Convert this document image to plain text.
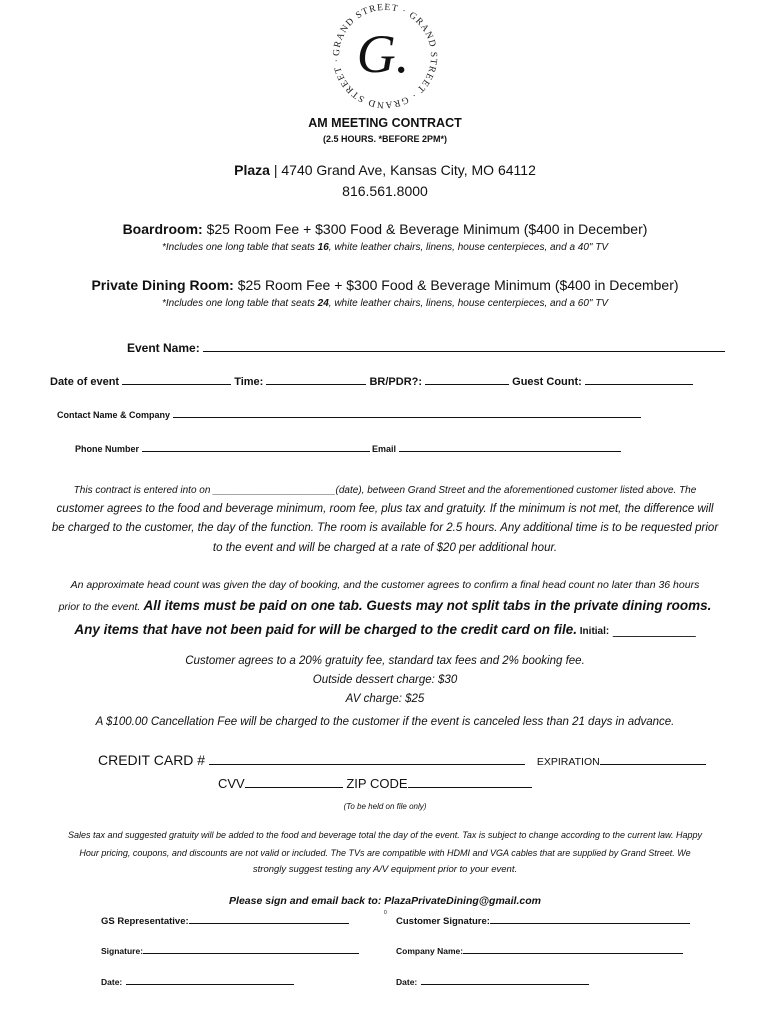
GRAND STREET · GRAND STREET · GRAND STREET · G.
AM MEETING CONTRACT
(2.5 HOURS. *BEFORE 2PM*)
Plaza | 4740 Grand Ave, Kansas City, MO 64112
816.561.8000
Boardroom: $25 Room Fee + $300 Food & Beverage Minimum ($400 in December)
*Includes one long table that seats 16, white leather chairs, linens, house centerpieces, and a 40" TV
Private Dining Room: $25 Room Fee + $300 Food & Beverage Minimum ($400 in December)
*Includes one long table that seats 24, white leather chairs, linens, house centerpieces, and a 60" TV
Event Name:
Date of event	Time:	BR/PDR?:	Guest Count:
Contact Name & Company
Phone Number	Email
This contract is entered into on ______________________(date), between Grand Street and the aforementioned customer listed above. The
customer agrees to the food and beverage minimum, room fee, plus tax and gratuity. If the minimum is not met, the difference will
be charged to the customer, the day of the function. The room is available for 2.5 hours. Any additional time is to be requested prior
to the event and will be charged at a rate of $20 per additional hour.
An approximate head count was given the day of booking, and the customer agrees to confirm a final head count no later than 36 hours
prior to the event. All items must be paid on one tab. Guests may not split tabs in the private dining rooms.
Any items that have not been paid for will be charged to the credit card on file. Initial: ___________
Customer agrees to a 20% gratuity fee, standard tax fees and 2% booking fee.
Outside dessert charge: $30
AV charge: $25
A $100.00 Cancellation Fee will be charged to the customer if the event is canceled less than 21 days in advance.
CREDIT CARD #	EXPIRATION
CVV	ZIP CODE
(To be held on file only)
Sales tax and suggested gratuity will be added to the food and beverage total the day of the event. Tax is subject to change according to the current law. Happy
Hour pricing, coupons, and discounts are not valid or included. The TVs are compatible with HDMI and VGA cables that are supplied by Grand Street. We
strongly suggest testing any A/V equipment prior to your event.
Please sign and email back to: PlazaPrivateDining@gmail.com
0
GS Representative:	Customer Signature:
Signature:	Company Name:
Date:	Date:
